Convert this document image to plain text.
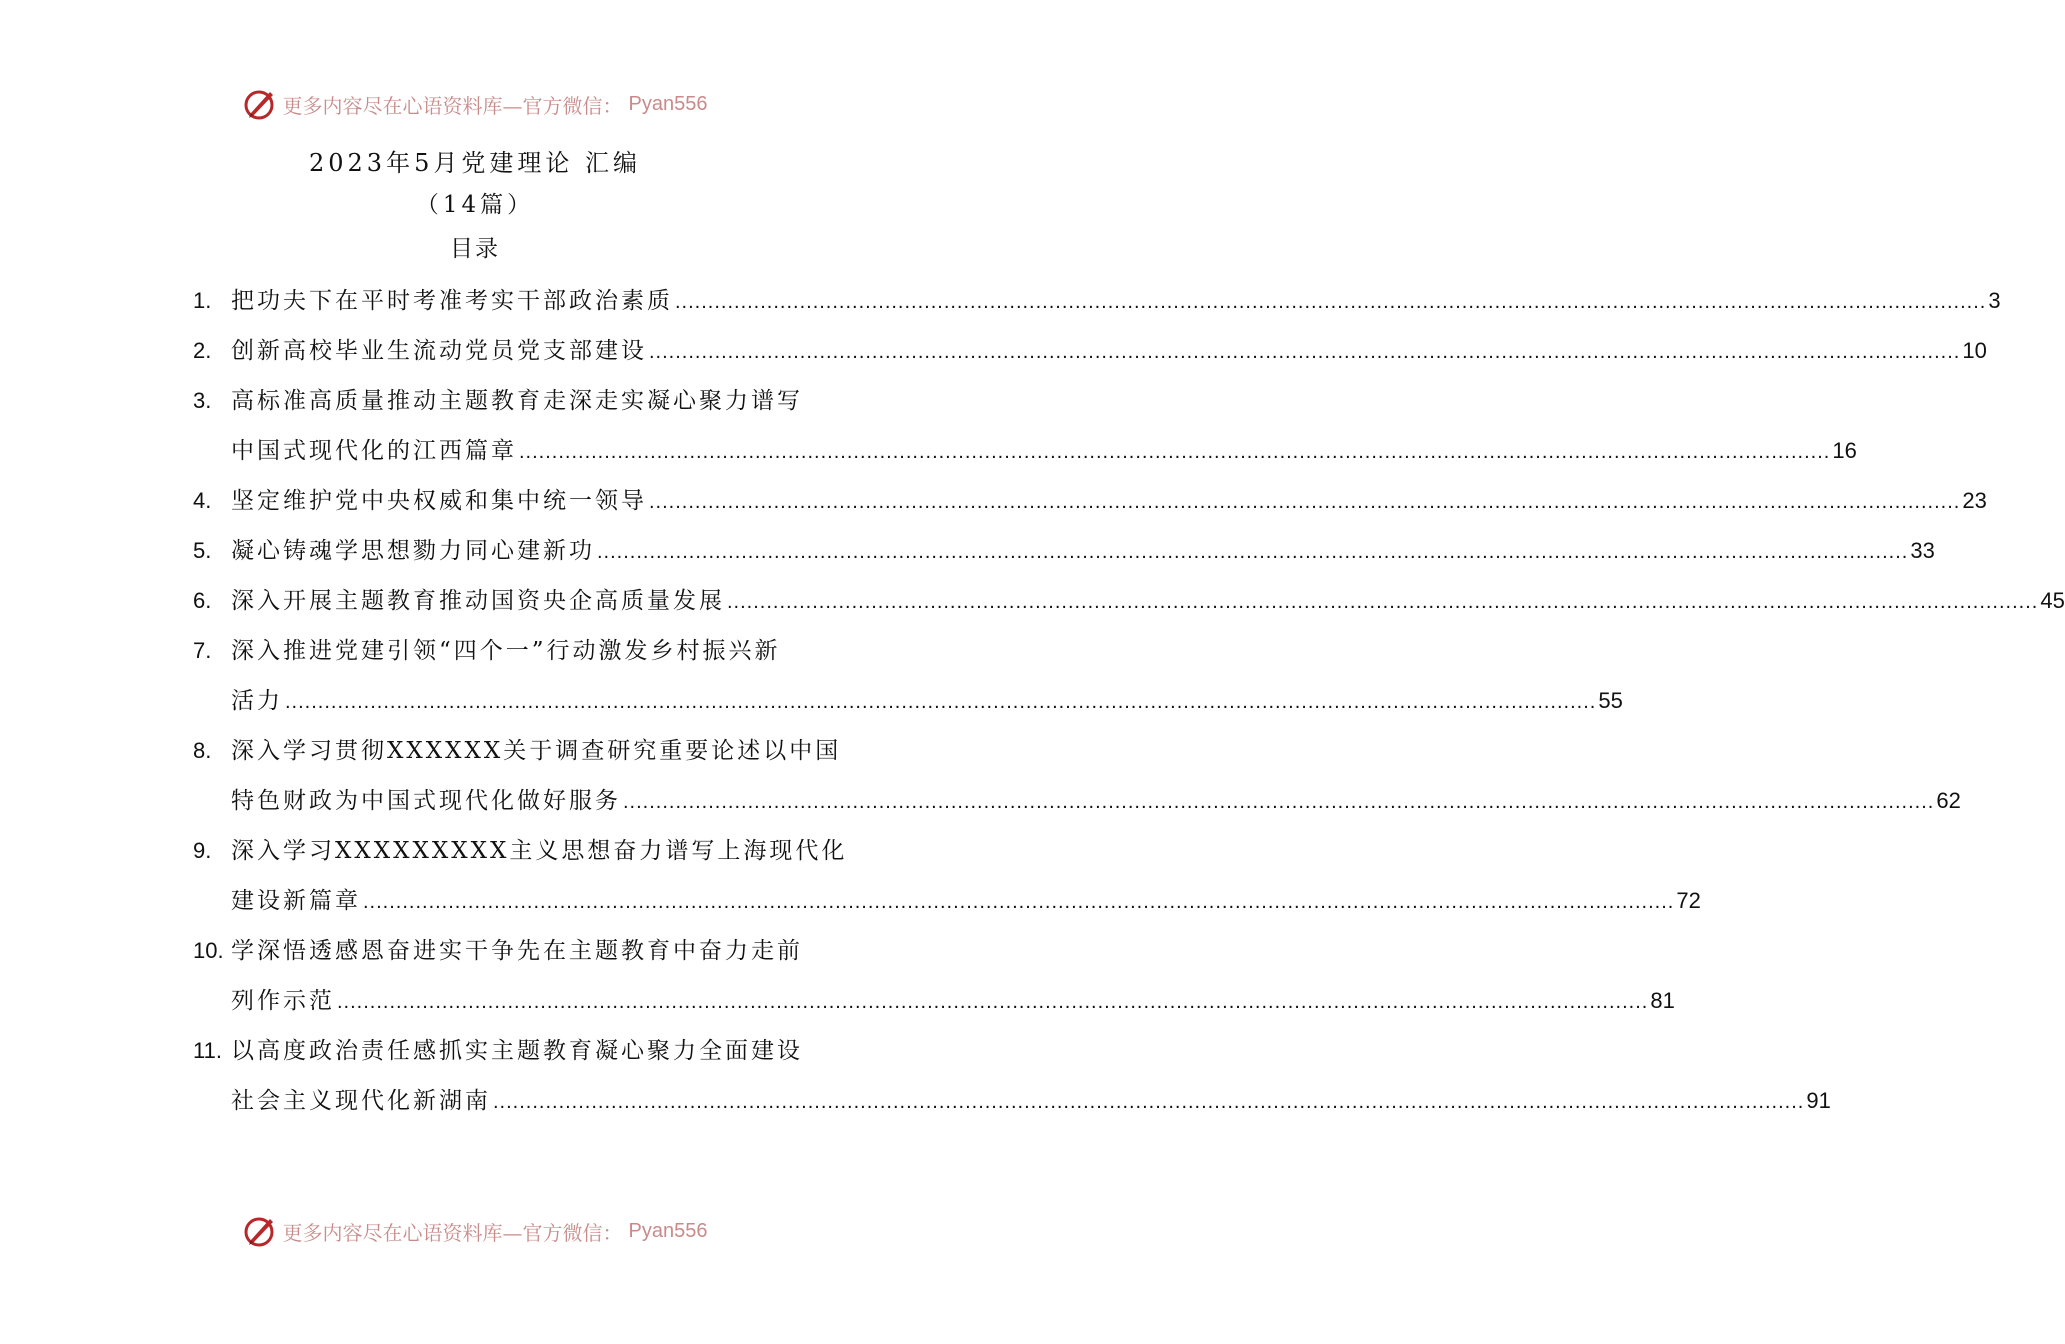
更多内容尽在心语资料库—官方微信： Pyan556
2023年5月党建理论 汇编
（14篇）
目录
1. 把功夫下在平时考准考实干部政治素质 ........................................................................................................................................................................................................ 3
2. 创新高校毕业生流动党员党支部建设 ........................................................................................................................................................................................................ 10
3. 高标准高质量推动主题教育走深走实凝心聚力谱写
中国式现代化的江西篇章 ........................................................................................................................................................................................................ 16
4. 坚定维护党中央权威和集中统一领导 ........................................................................................................................................................................................................ 23
5. 凝心铸魂学思想勠力同心建新功 ........................................................................................................................................................................................................ 33
6. 深入开展主题教育推动国资央企高质量发展 ........................................................................................................................................................................................................ 45
7. 深入推进党建引领“四个一”行动激发乡村振兴新
活力 ........................................................................................................................................................................................................ 55
8. 深入学习贯彻XXXXXX关于调查研究重要论述以中国
特色财政为中国式现代化做好服务 ........................................................................................................................................................................................................ 62
9. 深入学习XXXXXXXXX主义思想奋力谱写上海现代化
建设新篇章 ........................................................................................................................................................................................................ 72
10. 学深悟透感恩奋进实干争先在主题教育中奋力走前
列作示范 ........................................................................................................................................................................................................ 81
11. 以高度政治责任感抓实主题教育凝心聚力全面建设
社会主义现代化新湖南 ........................................................................................................................................................................................................ 91
更多内容尽在心语资料库—官方微信： Pyan556
